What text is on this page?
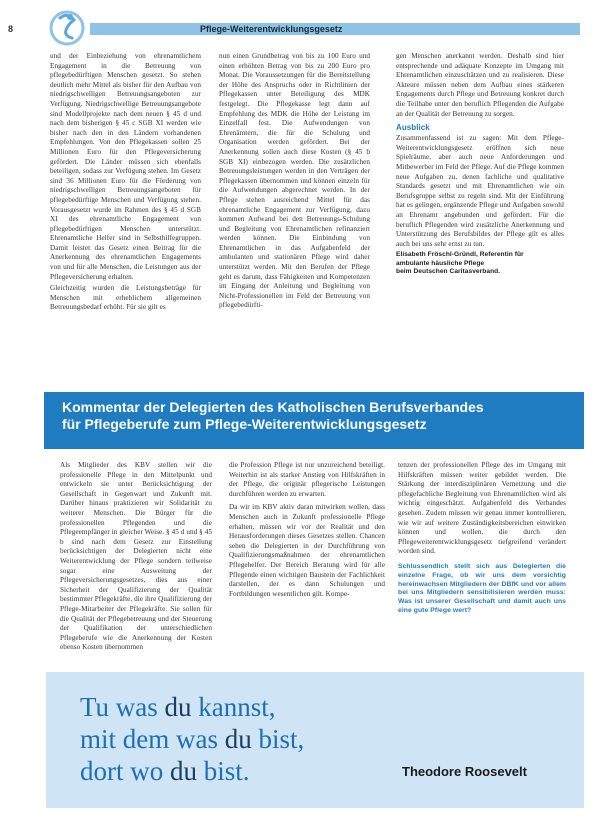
8	Pflege-Weiterentwicklungsgesetz

und der Einbeziehung von ehrenamtlichem Engagement in die Betreuung von pflegebedürftigen Menschen gesetzt. So stehen deutlich mehr Mittel als bisher für den Aufbau von niedrigschwelligen Betreuungsangeboten zur Verfügung. Niedrigschwellige Betreuungsangebote sind Modellprojekte nach dem neuen § 45 d und nach dem bisherigen § 45 c SGB XI werden wie bisher nach den in den Ländern vorhandenen Empfehlungen. Von den Pflegekassen sollen 25 Millionen Euro für den Pflegeversicherung gefördert. Die Länder müssen sich ebenfalls beteiligen, sodass zur Verfügung stehen. Im Gesetz sind 36 Millionen Euro für die Förderung von niedrigschwelligen Betreuungsangeboten für pflegebedürftige Menschen und Verfügung stehen. Vorausgesetzt wurde im Rahmen des § 45 d SGB XI des ehrenamtliche Engagement von pflegebedürftigen Menschen unterstützt. Ehrenamtliche Helfer sind in Selbsthilfegruppen. Damit leistet das Gesetz einen Beitrag für die Anerkennung des ehrenamtlichen Engagements von und für alle Menschen, die Leistungen aus der Pflegeversicherung erhalten.

Gleichzeitig wurden die Leistungsbeträge für Menschen mit erheblichem allgemeinen Betreuungsbedarf erhöht. Für sie gilt es

nun einen Grundbetrag von bis zu 100 Euro und einen erhöhten Betrag von bis zu 200 Euro pro Monat. Die Voraussetzungen für die Bereitstellung der Höhe des Anspruchs oder in Richtlinien der Pflegekassen unter Beteiligung des MDK festgelegt. Die Pflegekasse legt dann auf Empfehlung des MDK die Höhe der Leistung im Einzelfall fest. Die Aufwendungen von Ehrenämtern, die für die Schulung und Organisation werden gefördert. Bei der Anerkennung sollen auch diese Kosten (§ 45 b SGB XI) einbezogen werden. Die zusätzlichen Betreuungsleistungen werden in den Verträgen der Pflegekassen übernommen und können einzeln für die Aufwendungen abgerechnet werden. In der Pflege stehen ausreichend Mittel für das ehrenamtliche Engagement zur Verfügung, dazu kommen Aufwand bei den Betreuungs-Schulung und Begleitung von Ehrenamtlichen refinanziert werden können. Die Einbindung von Ehrenamtlichen in das Aufgabenfeld der ambulanten und stationären Pflege wird daher unterstützt werden. Mit den Berufen der Pflege geht es darum, dass Fähigkeiten und Kompetenzen im Eingang der Anleitung und Begleitung von Nicht-Professionellen im Feld der Betreuung von pflegebedürfti-

gen Menschen anerkannt werden. Deshalb sind hier entsprechende und adäquate Konzepte im Umgang mit Ehrenamtlichen einzuschätzen und zu realisieren. Diese Akteure müssen neben dem Aufbau eines stärkeren Engagements durch Pflege und Betreuung konkret durch die Teilhabe unter den beruflich Pflegenden die Aufgabe an der Qualität der Betreuung zu sorgen.

Ausblick

Zusammenfassend ist zu sagen: Mit dem Pflege-Weiterentwicklungsgesetz eröffnen sich neue Spielräume, aber auch neue Anforderungen und Mitbewerber im Feld der Pflege. Auf die Pflege kommen neue Aufgaben zu, denen fachliche und qualitative Standards gesetzt und mit Ehrenamtlichen wie ein Berufsgruppe selbst zu regeln sind. Mit der Einführung hat es gelingen, ergänzende Pflege und Aufgaben sowohl an Ehrenamt angebunden und gefördert. Für die beruflich Pflegenden wird zusätzliche Anerkennung und Unterstützung des Berufsbildes der Pflege gilt es alles auch bei uns sehr ernst zu tun.

Elisabeth Fröschl-Gründl, Referentin für
ambulante häusliche Pflege
beim Deutschen Caritasverband.
Kommentar der Delegierten des Katholischen Berufsverbandes
für Pflegeberufe zum Pflege-Weiterentwicklungsgesetz

Als Mitglieder des KBV stellen wir die professionelle Pflege in den Mittelpunkt und entwickeln sie unter Berücksichtigung der Gesellschaft in Gegenwart und Zukunft mit. Darüber hinaus praktizieren wir Solidarität zu weiterer Menschen. Die Bürger für die professionellen Pflegenden und die Pflegeempfänger in gleicher Weise. § 45 d und § 45 b sind nach dem Gesetz zur Einstellung berücksichtigen der Delegierten nicht eine Weiterentwicklung der Pflege sondern teilweise sogar eine Ausweitung der Pflegeversicherungsgesetzes, dies aus einer Sicherheit der Qualifizierung der Qualität bestimmter Pflegekräfte, die ihre Qualifizierung der Pflege-Mitarbeiter der Pflegekräfte. Sie sollen für die Qualität der Pflegebetreuung und der Steuerung der Qualifikation der unterschiedlichen Pflegeberufe wie die Anerkennung der Kosten ebenso Kosten übernommen

die Profession Pflege ist nur unzureichend beteiligt. Weiterhin ist als starker Anstieg von Hilfskräften in der Pflege, die originär pflegerische Leistungen durchführen werden zu erwarten.

Da wir im KBV aktiv daran mitwirken wollen, dass Menschen auch in Zukunft professionelle Pflege erhalten, müssen wir vor der Realität und den Herausforderungen dieses Gesetzes stellen. Chancen sehen die Delegierten in der Durchführung von Qualifizierungsmaßnahmen der ehrenamtlichen Pflegehelfer. Der Bereich Beratung wird für alle Pflegende einen wichtigen Baustein der Fachlichkeit darstellen, der es dann Schulungen und Fortbildungen wesentlichen gilt. Kompe-

tenzen der professionellen Pflege des im Umgang mit Hilfskräften müssen weiter gebildet werden. Die Stärkung der interdisziplinären Vernetzung und die pflegefachliche Begleitung von Ehrenamtlichen wird als wichtig eingeschätzt. Aufgabenfeld des Verbandes gesehen. Zudem müssen wir genau immer kontrollieren, wie wir auf weitere Zuständigkeitsbereichen einwirken können und wollen, die durch den Pflegeweiterentwicklungsgesetz tiefgreifend verändert worden sind.

Schlussendlich stellt sich aus Delegierten die einzelne Frage, ob wir uns dem vorsichtig hereinwachsen Mitgliedern der DBfK und vor allem bei uns Mitgliedern sensibilisieren werden muss: Was ist unserer Gesellschaft und damit auch uns eine gute Pflege wert?
Tu was du kannst,
mit dem was du bist,
dort wo du bist.	Theodore Roosevelt
